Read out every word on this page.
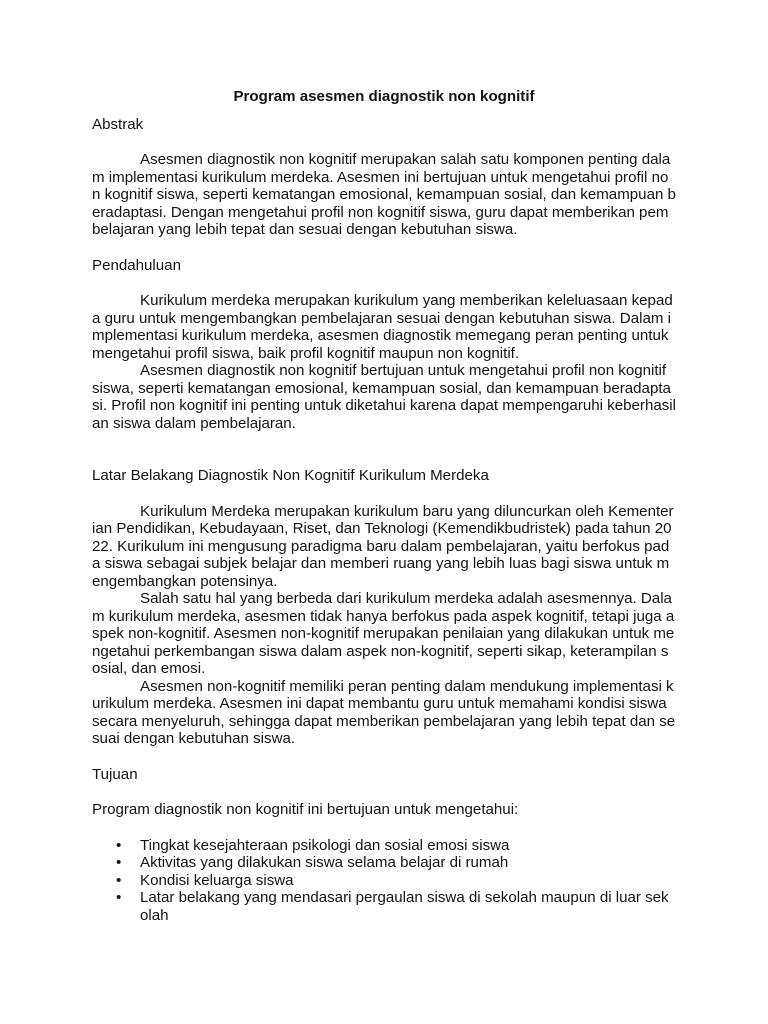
Program asesmen diagnostik non kognitif

Abstrak

Asesmen diagnostik non kognitif merupakan salah satu komponen penting dalam implementasi kurikulum merdeka. Asesmen ini bertujuan untuk mengetahui profil non kognitif siswa, seperti kematangan emosional, kemampuan sosial, dan kemampuan beradaptasi. Dengan mengetahui profil non kognitif siswa, guru dapat memberikan pembelajaran yang lebih tepat dan sesuai dengan kebutuhan siswa.

Pendahuluan

Kurikulum merdeka merupakan kurikulum yang memberikan keleluasaan kepada guru untuk mengembangkan pembelajaran sesuai dengan kebutuhan siswa. Dalam implementasi kurikulum merdeka, asesmen diagnostik memegang peran penting untuk mengetahui profil siswa, baik profil kognitif maupun non kognitif.

Asesmen diagnostik non kognitif bertujuan untuk mengetahui profil non kognitif siswa, seperti kematangan emosional, kemampuan sosial, dan kemampuan beradaptasi. Profil non kognitif ini penting untuk diketahui karena dapat mempengaruhi keberhasilan siswa dalam pembelajaran.

Latar Belakang Diagnostik Non Kognitif Kurikulum Merdeka

Kurikulum Merdeka merupakan kurikulum baru yang diluncurkan oleh Kementerian Pendidikan, Kebudayaan, Riset, dan Teknologi (Kemendikbudristek) pada tahun 2022. Kurikulum ini mengusung paradigma baru dalam pembelajaran, yaitu berfokus pada siswa sebagai subjek belajar dan memberi ruang yang lebih luas bagi siswa untuk mengembangkan potensinya.

Salah satu hal yang berbeda dari kurikulum merdeka adalah asesmennya. Dalam kurikulum merdeka, asesmen tidak hanya berfokus pada aspek kognitif, tetapi juga aspek non-kognitif. Asesmen non-kognitif merupakan penilaian yang dilakukan untuk mengetahui perkembangan siswa dalam aspek non-kognitif, seperti sikap, keterampilan sosial, dan emosi.

Asesmen non-kognitif memiliki peran penting dalam mendukung implementasi kurikulum merdeka. Asesmen ini dapat membantu guru untuk memahami kondisi siswa secara menyeluruh, sehingga dapat memberikan pembelajaran yang lebih tepat dan sesuai dengan kebutuhan siswa.

Tujuan

Program diagnostik non kognitif ini bertujuan untuk mengetahui:

• Tingkat kesejahteraan psikologi dan sosial emosi siswa
• Aktivitas yang dilakukan siswa selama belajar di rumah
• Kondisi keluarga siswa
• Latar belakang yang mendasari pergaulan siswa di sekolah maupun di luar sekolah
